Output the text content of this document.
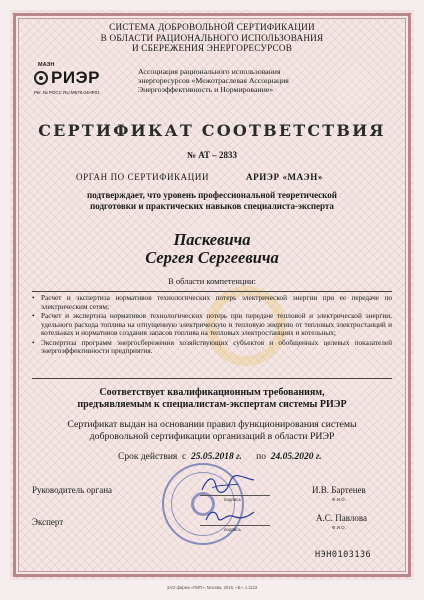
СИСТЕМА ДОБРОВОЛЬНОЙ СЕРТИФИКАЦИИ
В ОБЛАСТИ РАЦИОНАЛЬНОГО ИСПОЛЬЗОВАНИЯ
И СБЕРЕЖЕНИЯ ЭНЕРГОРЕСУРСОВ
МАЭН
РИЭР
Рег. № РОСС RU.M578.04НР01
Ассоциация рационального использования
энергоресурсов «Межотраслевая Ассоциация
Энергоэффективность и Нормирование»
СЕРТИФИКАТ СООТВЕТСТВИЯ
№ АТ – 2833
ОРГАН ПО СЕРТИФИКАЦИИ	АРИЭР «МАЭН»
подтверждает, что уровень профессиональной теоретической
подготовки и практических навыков специалиста-эксперта
Паскевича
Сергея Сергеевича
В области компетенции:
• Расчет и экспертиза нормативов технологических потерь электрической энергии при ее передаче по электрическим сетям;
• Расчет и экспертиза нормативов технологических потерь при передаче тепловой и электрической энергии, удельного расхода топлива на отпущенную электрическую и тепловую энергию от тепловых электростанций и котельных и нормативов создания запасов топлива на тепловых электростанциях и котельных;
• Экспертиза программ энергосбережения хозяйствующих субъектов и обобщенных целевых показателей энергоэффективности предприятия.
Соответствует квалификационным требованиям,
предъявляемым к специалистам-экспертам системы РИЭР
Сертификат выдан на основании правил функционирования системы
добровольной сертификации организаций в области РИЭР
Срок действия с 25.05.2018 г. по 24.05.2020 г.
Руководитель органа
подпись
И.В. Бартенев
Ф.И.О.
Эксперт
подпись
А.С. Павлова
Ф.И.О.
НЭН0103136
ЗАО фирма «ПИП», Москва, 2016, «Б», з.1123
